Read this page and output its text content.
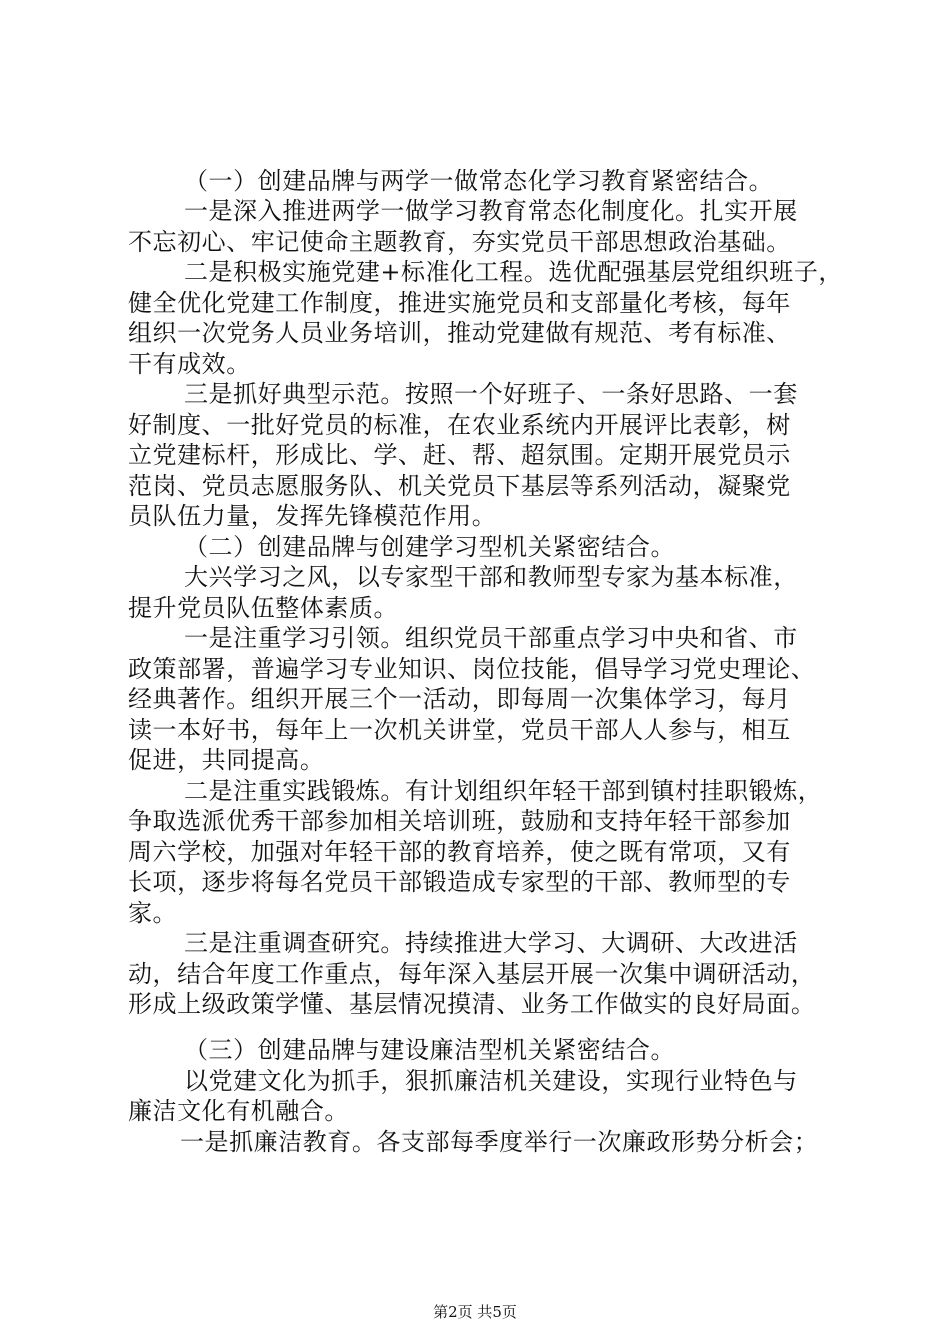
（一）创建品牌与两学一做常态化学习教育紧密结合。
一是深入推进两学一做学习教育常态化制度化。扎实开展
不忘初心、牢记使命主题教育，夯实党员干部思想政治基础。
二是积极实施党建+标准化工程。选优配强基层党组织班子，
健全优化党建工作制度，推进实施党员和支部量化考核，每年
组织一次党务人员业务培训，推动党建做有规范、考有标准、
干有成效。
三是抓好典型示范。按照一个好班子、一条好思路、一套
好制度、一批好党员的标准，在农业系统内开展评比表彰，树
立党建标杆，形成比、学、赶、帮、超氛围。定期开展党员示
范岗、党员志愿服务队、机关党员下基层等系列活动，凝聚党
员队伍力量，发挥先锋模范作用。
（二）创建品牌与创建学习型机关紧密结合。
大兴学习之风，以专家型干部和教师型专家为基本标准，
提升党员队伍整体素质。
一是注重学习引领。组织党员干部重点学习中央和省、市
政策部署，普遍学习专业知识、岗位技能，倡导学习党史理论、
经典著作。组织开展三个一活动，即每周一次集体学习，每月
读一本好书，每年上一次机关讲堂，党员干部人人参与，相互
促进，共同提高。
二是注重实践锻炼。有计划组织年轻干部到镇村挂职锻炼，
争取选派优秀干部参加相关培训班，鼓励和支持年轻干部参加
周六学校，加强对年轻干部的教育培养，使之既有常项，又有
长项，逐步将每名党员干部锻造成专家型的干部、教师型的专
家。
三是注重调查研究。持续推进大学习、大调研、大改进活
动，结合年度工作重点，每年深入基层开展一次集中调研活动，
形成上级政策学懂、基层情况摸清、业务工作做实的良好局面。
（三）创建品牌与建设廉洁型机关紧密结合。
以党建文化为抓手，狠抓廉洁机关建设，实现行业特色与
廉洁文化有机融合。
一是抓廉洁教育。各支部每季度举行一次廉政形势分析会；
第2页 共5页
